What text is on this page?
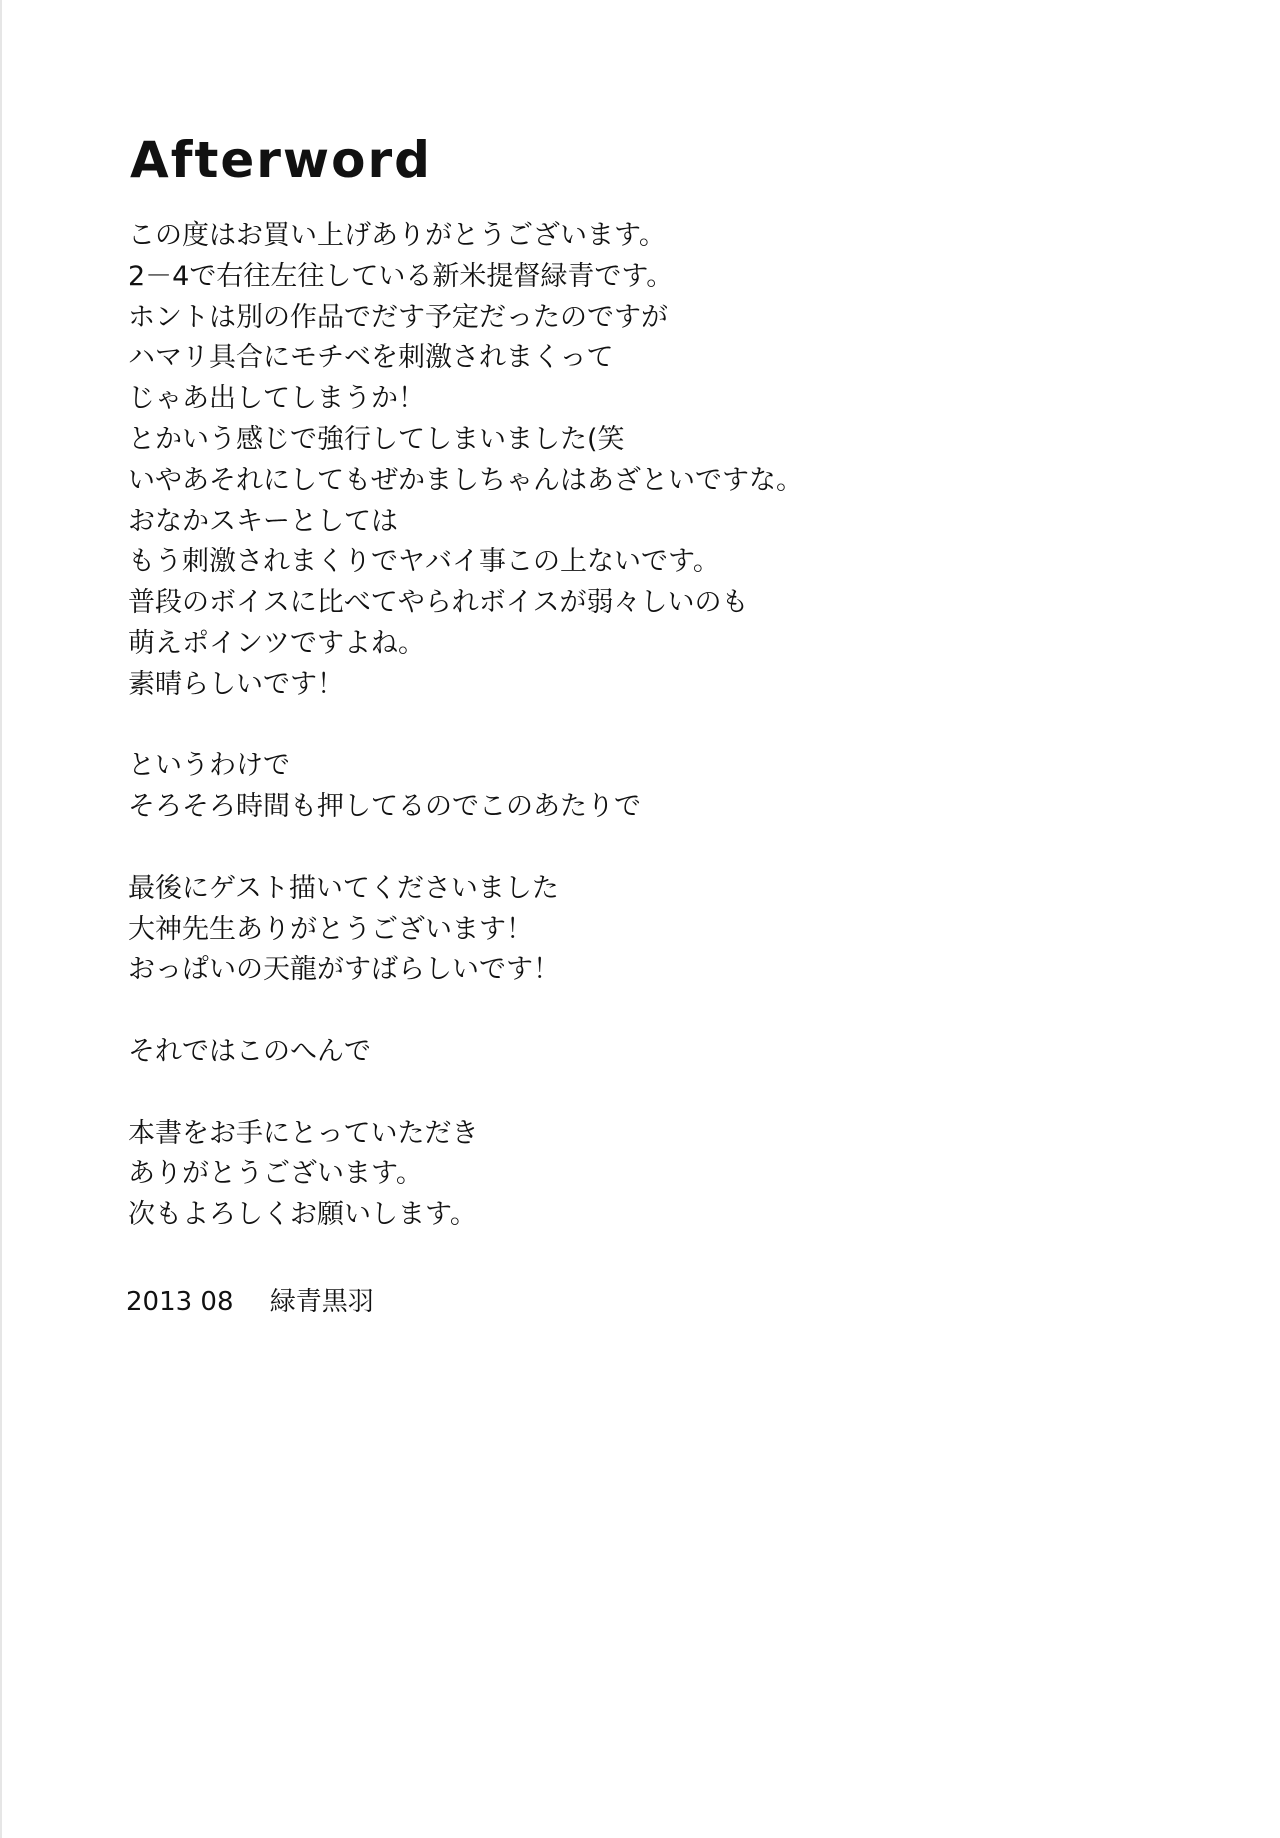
Afterword
この度はお買い上げありがとうございます。
2－4で右往左往している新米提督緑青です。
ホントは別の作品でだす予定だったのですが
ハマリ具合にモチベを刺激されまくって
じゃあ出してしまうか！
とかいう感じで強行してしまいました(笑
いやあそれにしてもぜかましちゃんはあざといですな。
おなかスキーとしては
もう刺激されまくりでヤバイ事この上ないです。
普段のボイスに比べてやられボイスが弱々しいのも
萌えポインツですよね。
素晴らしいです！
というわけで
そろそろ時間も押してるのでこのあたりで
最後にゲスト描いてくださいました
大神先生ありがとうございます！
おっぱいの天龍がすばらしいです！
それではこのへんで
本書をお手にとっていただき
ありがとうございます。
次もよろしくお願いします。
2013 08 緑青黒羽
